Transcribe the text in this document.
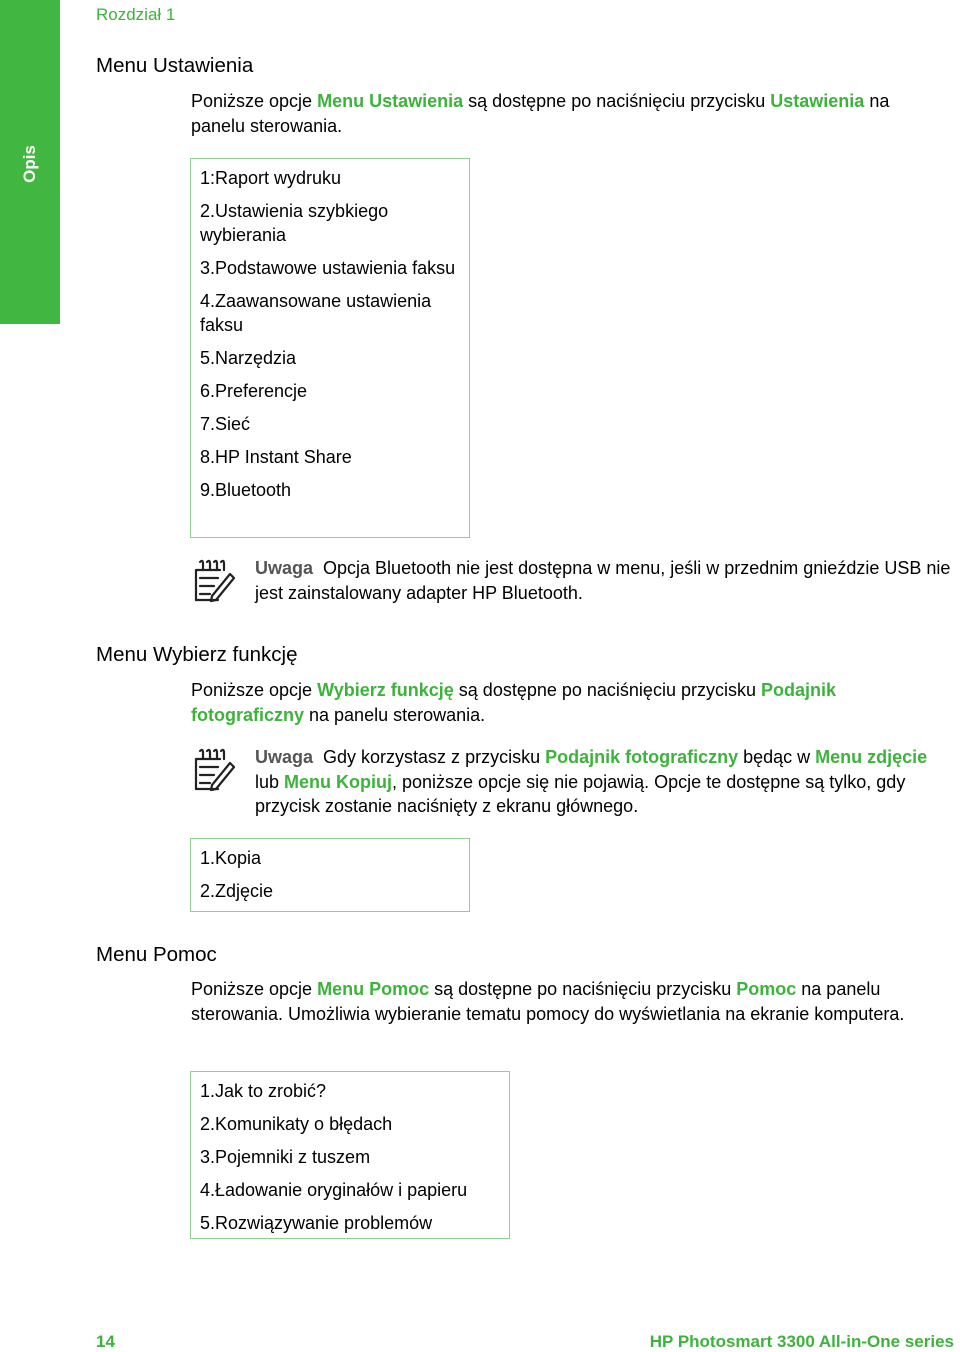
Opis
Rozdział 1
Menu Ustawienia

Poniższe opcje Menu Ustawienia są dostępne po naciśnięciu przycisku Ustawienia na panelu sterowania.

1:Raport wydruku
2.Ustawienia szybkiego wybierania
3.Podstawowe ustawienia faksu
4.Zaawansowane ustawienia faksu
5.Narzędzia
6.Preferencje
7.Sieć
8.HP Instant Share
9.Bluetooth
Uwaga Opcja Bluetooth nie jest dostępna w menu, jeśli w przednim gnieździe USB nie jest zainstalowany adapter HP Bluetooth.
Menu Wybierz funkcję

Poniższe opcje Wybierz funkcję są dostępne po naciśnięciu przycisku Podajnik fotograficzny na panelu sterowania.

Uwaga Gdy korzystasz z przycisku Podajnik fotograficzny będąc w Menu zdjęcie lub Menu Kopiuj, poniższe opcje się nie pojawią. Opcje te dostępne są tylko, gdy przycisk zostanie naciśnięty z ekranu głównego.
1.Kopia
2.Zdjęcie
Menu Pomoc

Poniższe opcje Menu Pomoc są dostępne po naciśnięciu przycisku Pomoc na panelu sterowania. Umożliwia wybieranie tematu pomocy do wyświetlania na ekranie komputera.

1.Jak to zrobić?
2.Komunikaty o błędach
3.Pojemniki z tuszem
4.Ładowanie oryginałów i papieru
5.Rozwiązywanie problemów
14	HP Photosmart 3300 All-in-One series
